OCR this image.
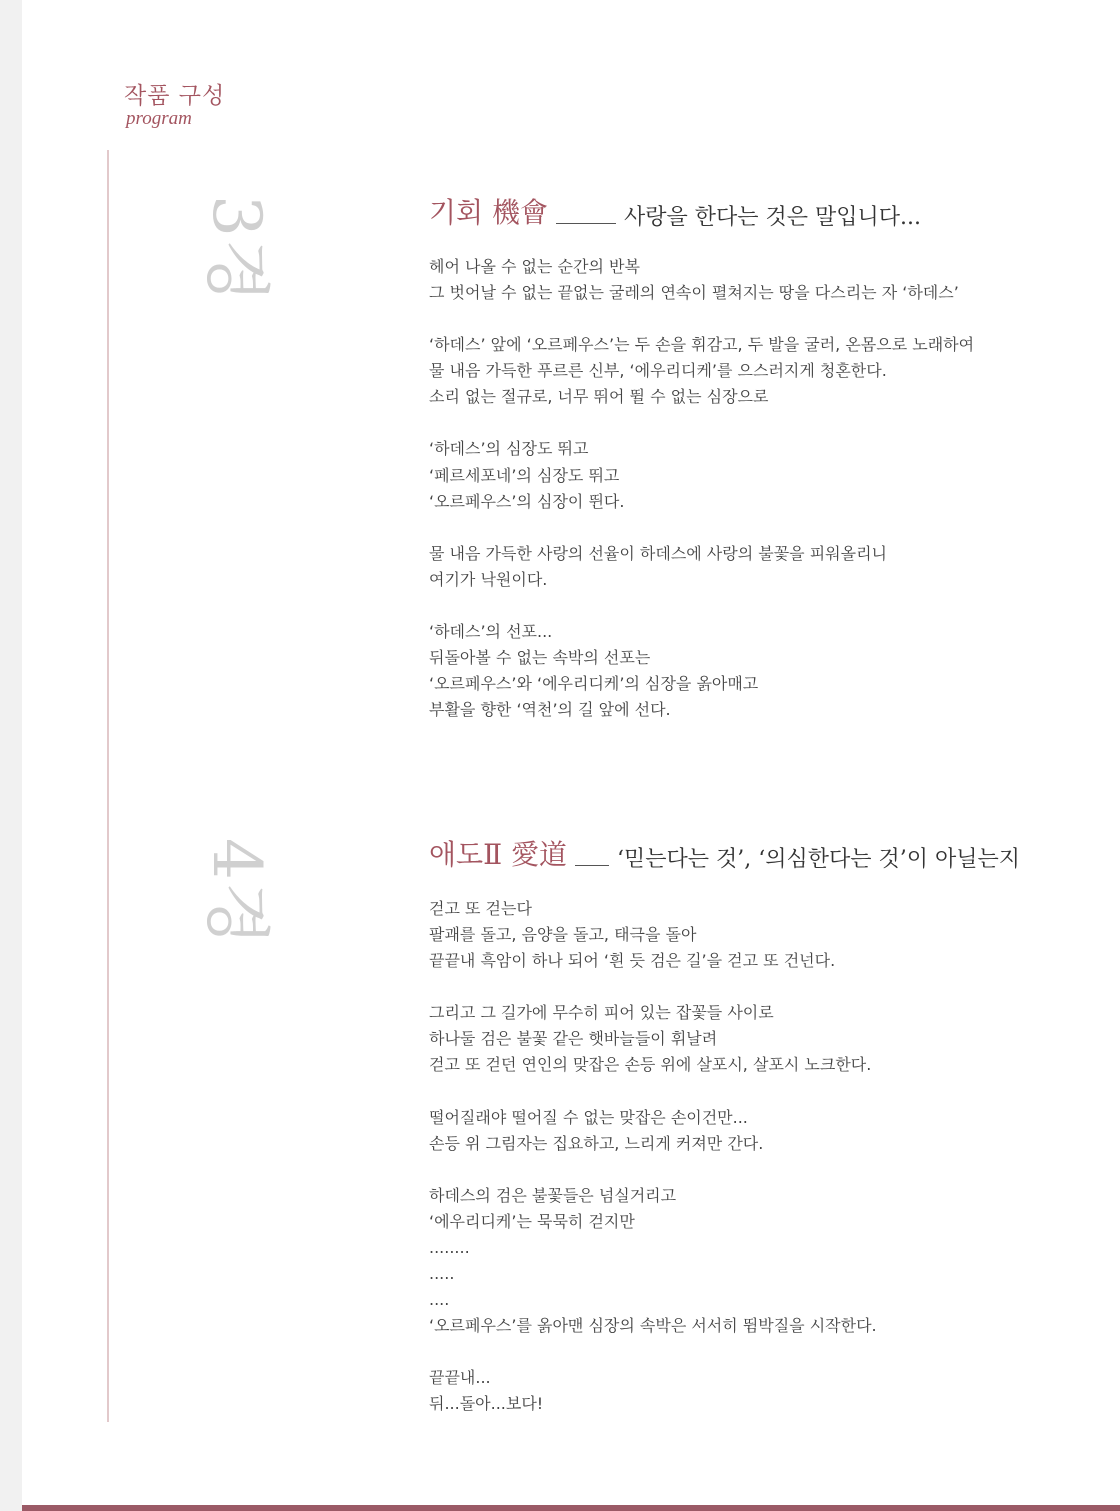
작품 구성
program
3경
4경
기회 機會	사랑을 한다는 것은 말입니다...
헤어 나올 수 없는 순간의 반복
그 벗어날 수 없는 끝없는 굴레의 연속이 펼쳐지는 땅을 다스리는 자 ‘하데스’
‘하데스’ 앞에 ‘오르페우스’는 두 손을 휘감고, 두 발을 굴러, 온몸으로 노래하여
물 내음 가득한 푸르른 신부, ‘에우리디케’를 으스러지게 청혼한다.
소리 없는 절규로, 너무 뛰어 뛸 수 없는 심장으로
‘하데스’의 심장도 뛰고
‘페르세포네’의 심장도 뛰고
‘오르페우스’의 심장이 뛴다.
물 내음 가득한 사랑의 선율이 하데스에 사랑의 불꽃을 피워올리니
여기가 낙원이다.
‘하데스’의 선포...
뒤돌아볼 수 없는 속박의 선포는
‘오르페우스’와 ‘에우리디케’의 심장을 옭아매고
부활을 향한 ‘역천’의 길 앞에 선다.
애도Ⅱ 愛道 ‘믿는다는 것’, ‘의심한다는 것’이 아닐는지
걷고 또 걷는다
팔괘를 돌고, 음양을 돌고, 태극을 돌아
끝끝내 흑암이 하나 되어 ‘흰 듯 검은 길’을 걷고 또 건넌다.
그리고 그 길가에 무수히 피어 있는 잡꽃들 사이로
하나둘 검은 불꽃 같은 햇바늘들이 휘날려
걷고 또 걷던 연인의 맞잡은 손등 위에 살포시, 살포시 노크한다.
떨어질래야 떨어질 수 없는 맞잡은 손이건만...
손등 위 그림자는 집요하고, 느리게 커져만 간다.
하데스의 검은 불꽃들은 넘실거리고
‘에우리디케’는 묵묵히 걷지만
........
.....
....
‘오르페우스’를 옭아맨 심장의 속박은 서서히 뜀박질을 시작한다.
끝끝내...
뒤...돌아...보다!
